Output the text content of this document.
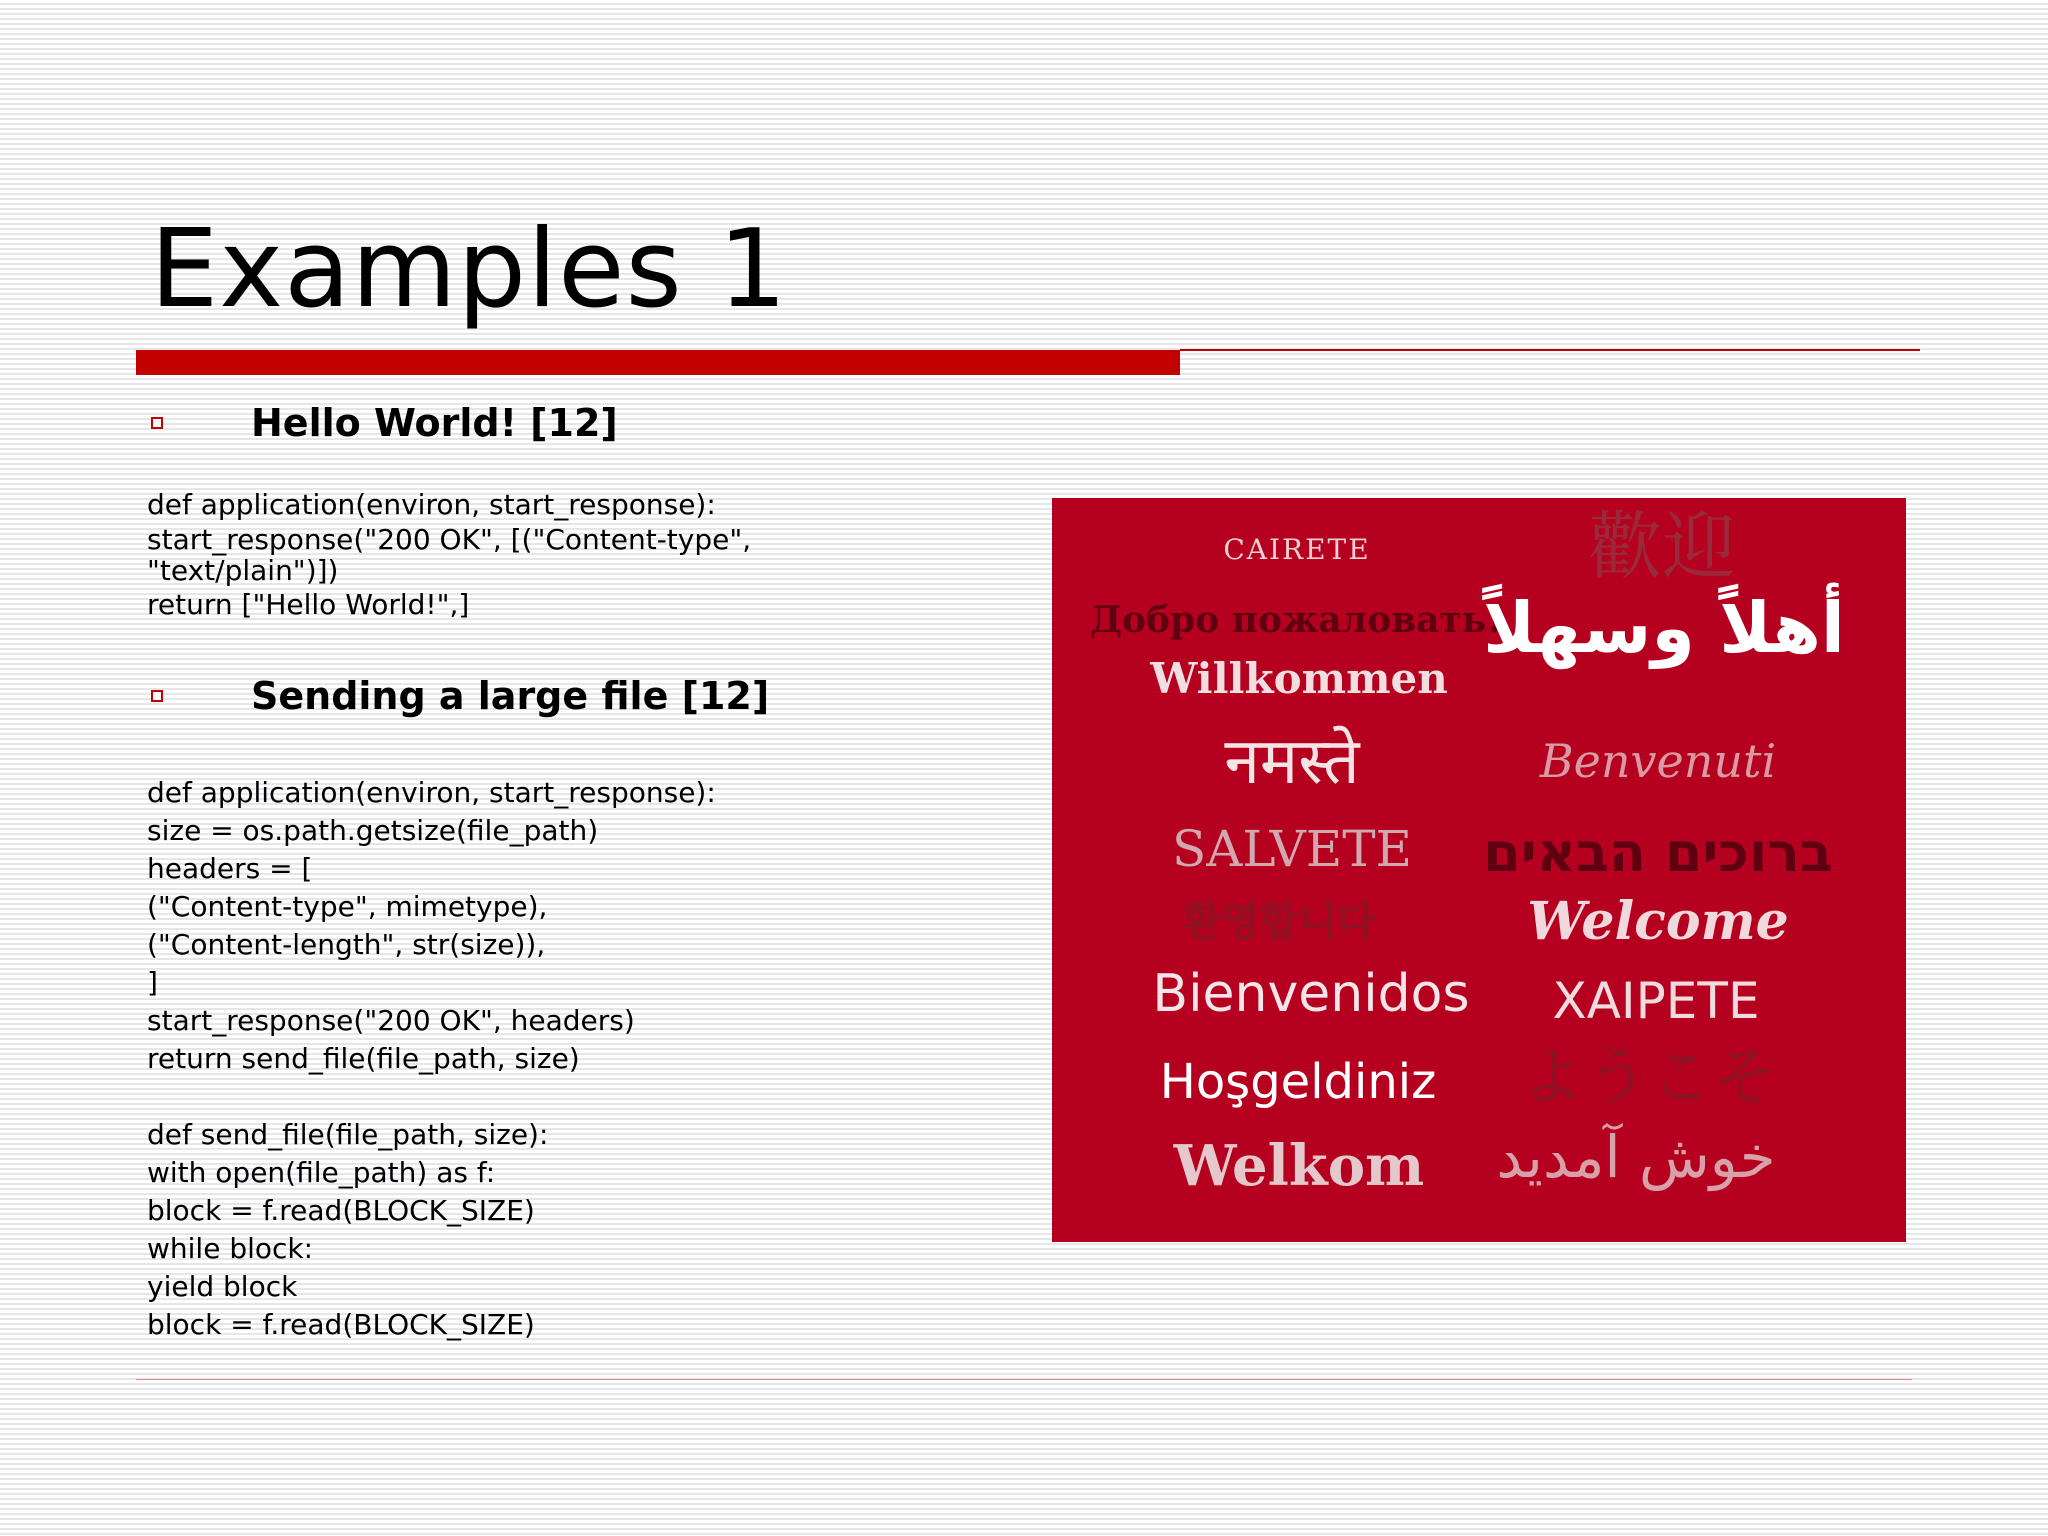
Examples 1
Hello World! [12]
def application(environ, start_response):
start_response("200 OK", [("Content-type",
"text/plain")])
return ["Hello World!",]
Sending a large file [12]
def application(environ, start_response):
size = os.path.getsize(file_path)
headers = [
("Content-type", mimetype),
("Content-length", str(size)),
]
start_response("200 OK", headers)
return send_file(file_path, size)
def send_file(file_path, size):
with open(file_path) as f:
block = f.read(BLOCK_SIZE)
while block:
yield block
block = f.read(BLOCK_SIZE)
CAIRETE	歡迎
Добро пожаловать!
أهلاً وسهلاً
Willkommen
नमस्ते	Benvenuti
SALVETE ברוכים הבאים
환영합니다	Welcome
Bienvenidos XAIPETE
Hoşgeldiniz ようこそ
Welkom خوش آمدید
